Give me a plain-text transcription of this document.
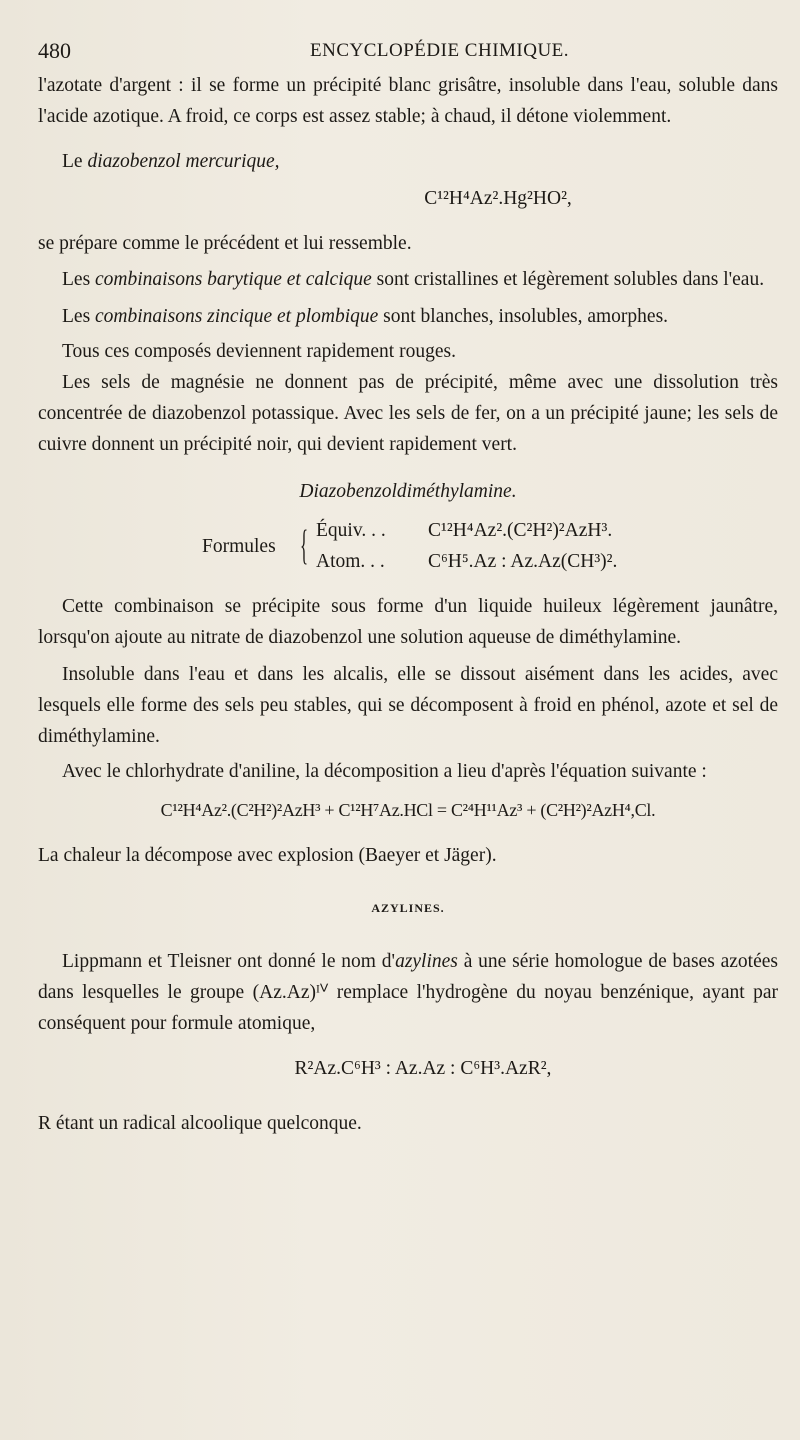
480	ENCYCLOPÉDIE CHIMIQUE.

l'azotate d'argent : il se forme un précipité blanc grisâtre, insoluble dans l'eau, soluble dans l'acide azotique. A froid, ce corps est assez stable; à chaud, il détone violemment.

Le diazobenzol mercurique,

C¹²H⁴Az².Hg²HO²,

se prépare comme le précédent et lui ressemble.

Les combinaisons barytique et calcique sont cristallines et légèrement solubles dans l'eau.

Les combinaisons zincique et plombique sont blanches, insolubles, amorphes.

Tous ces composés deviennent rapidement rouges.

Les sels de magnésie ne donnent pas de précipité, même avec une dissolution très concentrée de diazobenzol potassique. Avec les sels de fer, on a un précipité jaune; les sels de cuivre donnent un précipité noir, qui devient rapidement vert.

Diazobenzoldiméthylamine.

Formules { Équiv. . . C¹²H⁴Az².(C²H²)²AzH³.
Atom. . . C⁶H⁵.Az : Az.Az(CH³)².

Cette combinaison se précipite sous forme d'un liquide huileux légèrement jaunâtre, lorsqu'on ajoute au nitrate de diazobenzol une solution aqueuse de diméthylamine.

Insoluble dans l'eau et dans les alcalis, elle se dissout aisément dans les acides, avec lesquels elle forme des sels peu stables, qui se décomposent à froid en phénol, azote et sel de diméthylamine.

Avec le chlorhydrate d'aniline, la décomposition a lieu d'après l'équation suivante :

C¹²H⁴Az².(C²H²)²AzH³ + C¹²H⁷Az.HCl = C²⁴H¹¹Az³ + (C²H²)²AzH⁴,Cl.

La chaleur la décompose avec explosion (Baeyer et Jäger).

AZYLINES.

Lippmann et Tleisner ont donné le nom d'azylines à une série homologue de bases azotées dans lesquelles le groupe (Az.Az)ᴵⱽ remplace l'hydrogène du noyau benzénique, ayant par conséquent pour formule atomique,

R²Az.C⁶H³ : Az.Az : C⁶H³.AzR²,

R étant un radical alcoolique quelconque.
